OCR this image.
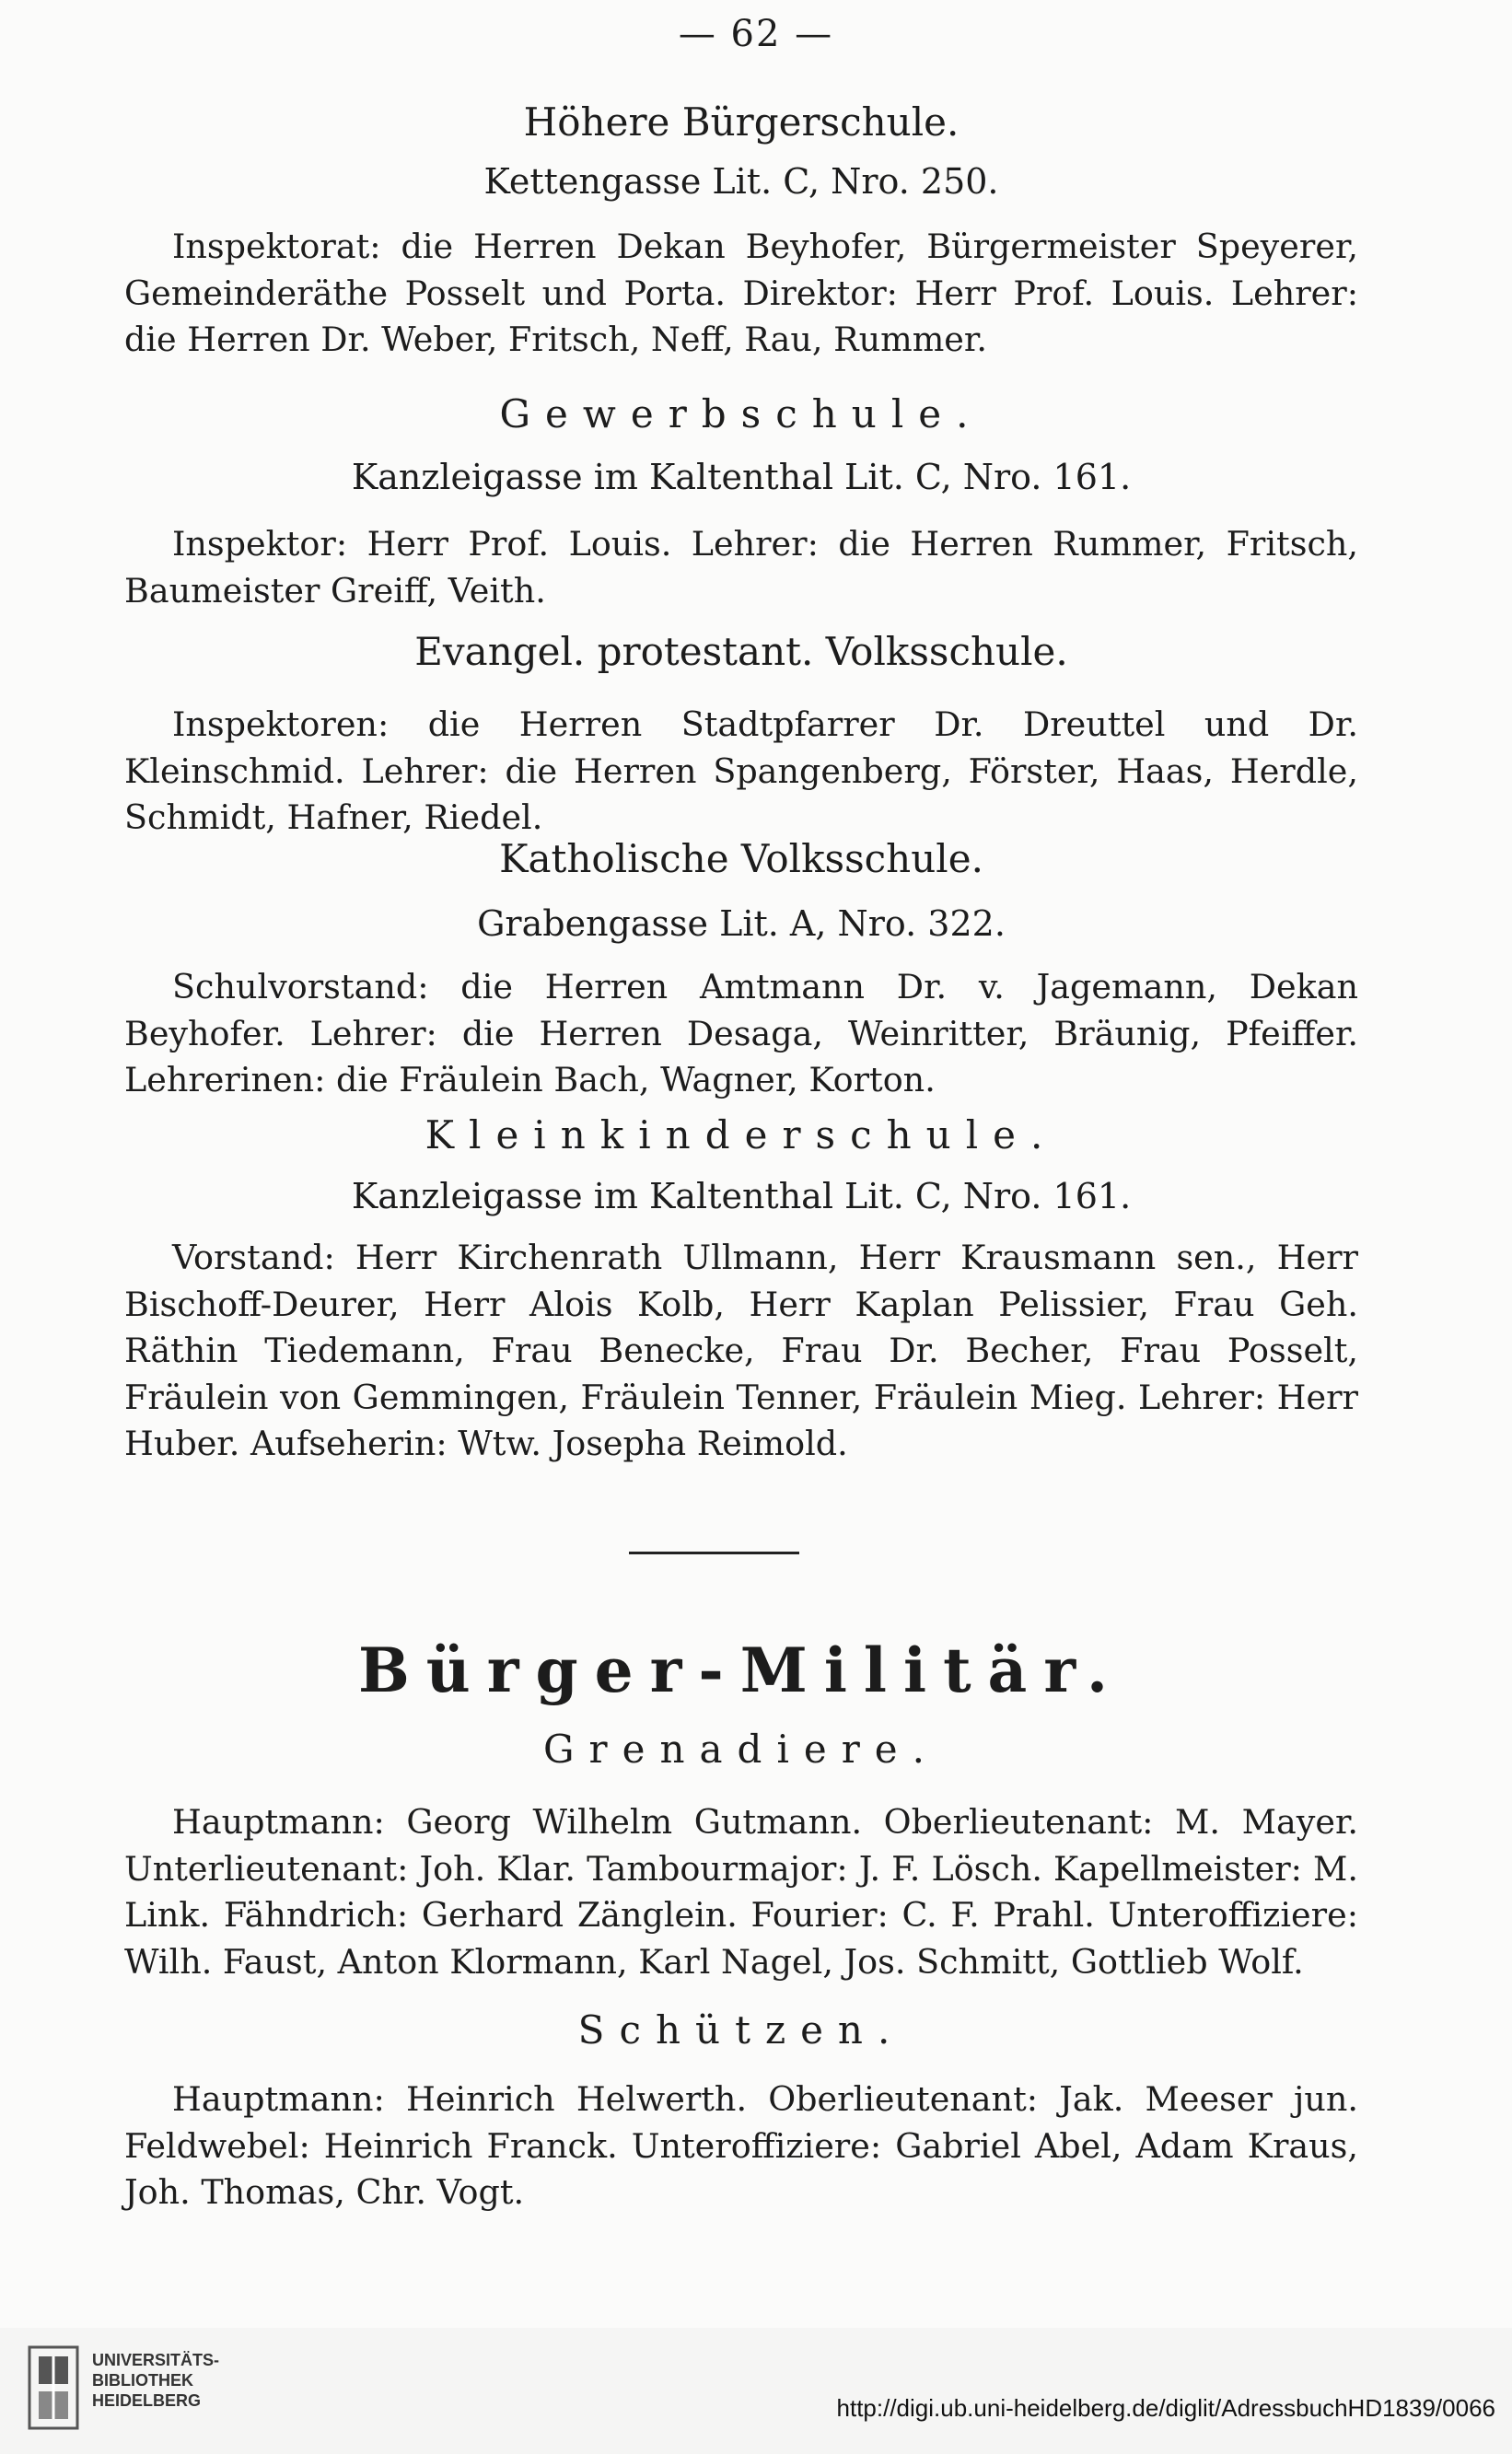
— 62 —

Höhere Bürgerschule.

Kettengasse Lit. C, Nro. 250.

Inspektorat: die Herren Dekan Beyhofer, Bürgermeister Speyerer, Gemeinderäthe Posselt und Porta. Direktor: Herr Prof. Louis. Lehrer: die Herren Dr. Weber, Fritsch, Neff, Rau, Rummer.

Gewerbschule.

Kanzleigasse im Kaltenthal Lit. C, Nro. 161.

Inspektor: Herr Prof. Louis. Lehrer: die Herren Rummer, Fritsch, Baumeister Greiff, Veith.

Evangel. protestant. Volksschule.

Inspektoren: die Herren Stadtpfarrer Dr. Dreuttel und Dr. Kleinschmid. Lehrer: die Herren Spangenberg, Förster, Haas, Herdle, Schmidt, Hafner, Riedel.

Katholische Volksschule.

Grabengasse Lit. A, Nro. 322.

Schulvorstand: die Herren Amtmann Dr. v. Jagemann, Dekan Beyhofer. Lehrer: die Herren Desaga, Weinritter, Bräunig, Pfeiffer. Lehrerinen: die Fräulein Bach, Wagner, Korton.

Kleinkinderschule.

Kanzleigasse im Kaltenthal Lit. C, Nro. 161.

Vorstand: Herr Kirchenrath Ullmann, Herr Krausmann sen., Herr Bischoff-Deurer, Herr Alois Kolb, Herr Kaplan Pelissier, Frau Geh. Räthin Tiedemann, Frau Benecke, Frau Dr. Becher, Frau Posselt, Fräulein von Gemmingen, Fräulein Tenner, Fräulein Mieg. Lehrer: Herr Huber. Aufseherin: Wtw. Josepha Reimold.

Bürger-Militär.

Grenadiere.

Hauptmann: Georg Wilhelm Gutmann. Oberlieutenant: M. Mayer. Unterlieutenant: Joh. Klar. Tambourmajor: J. F. Lösch. Kapellmeister: M. Link. Fähndrich: Gerhard Zänglein. Fourier: C. F. Prahl. Unteroffiziere: Wilh. Faust, Anton Klormann, Karl Nagel, Jos. Schmitt, Gottlieb Wolf.

Schützen.

Hauptmann: Heinrich Helwerth. Oberlieutenant: Jak. Meeser jun. Feldwebel: Heinrich Franck. Unteroffiziere: Gabriel Abel, Adam Kraus, Joh. Thomas, Chr. Vogt.

UNIVERSITÄTS-
BIBLIOTHEK
HEIDELBERG	http://digi.ub.uni-heidelberg.de/diglit/AdressbuchHD1839/0066
